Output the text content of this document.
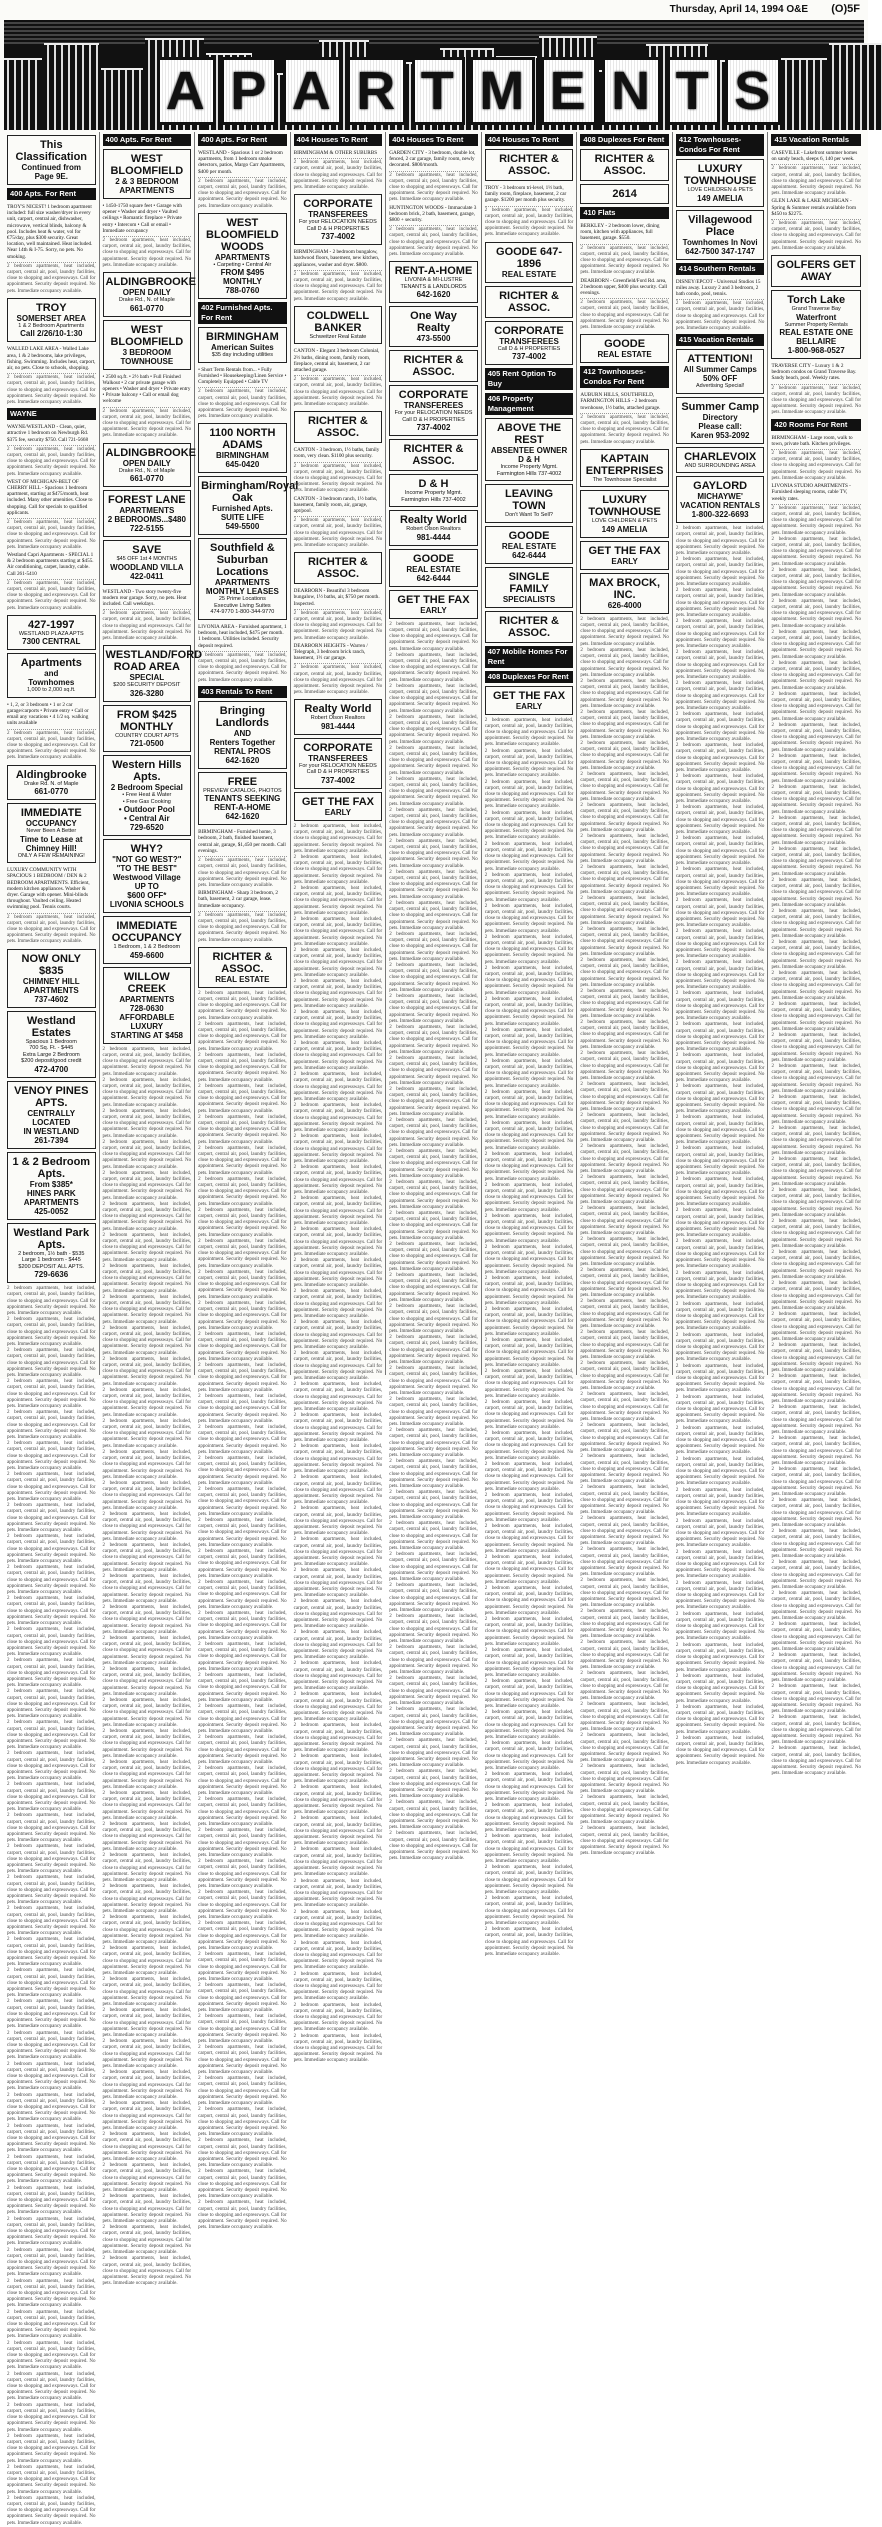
Thursday, April 14, 1994 O&E (O)5F
A P A R T M E N T S
This Classification
Continued from
Page 9E.
400 Apts. For Rent
TROY'S NICEST! 1 bedroom apartment included: full size washer/dryer in every unit, carport, central air, dishwasher, microwave, vertical blinds, balcony & pool. Includes heat & water, vol for €75/day, plus $300 security. Great location, well maintained. Heat included. Near 14th & I-75. Sorry, no pets. No smoking.
2 bedroom apartments, heat included, carport, central air, pool, laundry facilities, close to shopping and expressways. Call for appointment. Security deposit required. No pets. Immediate occupancy available.
TROY
SOMERSET AREA
1 & 2 Bedroom Apartments
Call 2/26/10-1:30
WALLED LAKE AREA - Walled Lake area, 1 & 2 bedrooms, lake privileges, fishing. Swimming. Includes heat, carport, air, no pets. Close to schools, shopping.
2 bedroom apartments, heat included, carport, central air, pool, laundry facilities, close to shopping and expressways. Call for appointment. Security deposit required. No pets. Immediate occupancy available.
WAYNE
WAYNE/WESTLAND - Clean, quiet, attractive 1 bedroom on Newburgh Rd. $375 fee, security $750. Call 721-5668
2 bedroom apartments, heat included, carport, central air, pool, laundry facilities, close to shopping and expressways. Call for appointment. Security deposit required. No pets. Immediate occupancy available.
WEST OF MICHIGAN-BELT OF CHERRY HILL - Spacious 1 bedroom apartment, starting at $475/month, heat included. Many other amenities. Close to shopping. Call for specials to qualified applicants.
2 bedroom apartments, heat included, carport, central air, pool, laundry facilities, close to shopping and expressways. Call for appointment. Security deposit required. No pets. Immediate occupancy available.
Westland Capri Apartments - SPECIAL 1 & 2 bedroom apartments starting at $455. Air conditioning, carpet, laundry, cable. Call 261-5410
2 bedroom apartments, heat included, carport, central air, pool, laundry facilities, close to shopping and expressways. Call for appointment. Security deposit required. No pets. Immediate occupancy available.
427-1997
WESTLAND PLAZA APTS
7300 CENTRAL
Apartments
and
Townhomes
1,000 to 2,000 sq.ft.
• 1, 2, or 3 bedroom • 1 or 2 car garage/carports • Private entry • Call or email any vacations • 4 1/2 sq. walking units available
2 bedroom apartments, heat included, carport, central air, pool, laundry facilities, close to shopping and expressways. Call for appointment. Security deposit required. No pets. Immediate occupancy available.
Aldingbrooke
Drake Rd. N. of Maple
661-0770
IMMEDIATE
OCCUPANCY
Never Been A Better
Time to Lease at
Chimney Hill!
ONLY A FEW REMAINING!
LUXURY COMMUNITY WITH SPACIOUS 1 BEDROOM / DEN & 2 BEDROOM APARTMENTS. Efficient, modern kitchen appliances. Washer & dryer. Garage with opener. Mini-blinds throughout. Vaulted ceiling. Heated swimming pool. Tennis courts.
2 bedroom apartments, heat included, carport, central air, pool, laundry facilities, close to shopping and expressways. Call for appointment. Security deposit required. No pets. Immediate occupancy available.
NOW ONLY $835
CHIMNEY HILL
APARTMENTS
737-4602
Westland Estates
Spacious 1 Bedroom
700 Sq. Ft. - $445
Extra Large 2 Bedroom
$200 deposit/good credit
472-4700
VENOY PINES APTS.
CENTRALLY LOCATED
IN WESTLAND
261-7394
1 & 2 Bedroom Apts.
From $385*
HINES PARK
APARTMENTS
425-0052
Westland Park Apts.
2 bedroom, 1½ bath - $535
Large 1 bedroom - $445
$200 DEPOSIT ALL APTS.
729-6636
2 bedroom apartments, heat included, carport, central air, pool, laundry facilities, close to shopping and expressways. Call for appointment. Security deposit required. No pets. Immediate occupancy available.
2 bedroom apartments, heat included, carport, central air, pool, laundry facilities, close to shopping and expressways. Call for appointment. Security deposit required. No pets. Immediate occupancy available.
2 bedroom apartments, heat included, carport, central air, pool, laundry facilities, close to shopping and expressways. Call for appointment. Security deposit required. No pets. Immediate occupancy available.
2 bedroom apartments, heat included, carport, central air, pool, laundry facilities, close to shopping and expressways. Call for appointment. Security deposit required. No pets. Immediate occupancy available.
2 bedroom apartments, heat included, carport, central air, pool, laundry facilities, close to shopping and expressways. Call for appointment. Security deposit required. No pets. Immediate occupancy available.
2 bedroom apartments, heat included, carport, central air, pool, laundry facilities, close to shopping and expressways. Call for appointment. Security deposit required. No pets. Immediate occupancy available.
2 bedroom apartments, heat included, carport, central air, pool, laundry facilities, close to shopping and expressways. Call for appointment. Security deposit required. No pets. Immediate occupancy available.
2 bedroom apartments, heat included, carport, central air, pool, laundry facilities, close to shopping and expressways. Call for appointment. Security deposit required. No pets. Immediate occupancy available.
2 bedroom apartments, heat included, carport, central air, pool, laundry facilities, close to shopping and expressways. Call for appointment. Security deposit required. No pets. Immediate occupancy available.
2 bedroom apartments, heat included, carport, central air, pool, laundry facilities, close to shopping and expressways. Call for appointment. Security deposit required. No pets. Immediate occupancy available.
2 bedroom apartments, heat included, carport, central air, pool, laundry facilities, close to shopping and expressways. Call for appointment. Security deposit required. No pets. Immediate occupancy available.
2 bedroom apartments, heat included, carport, central air, pool, laundry facilities, close to shopping and expressways. Call for appointment. Security deposit required. No pets. Immediate occupancy available.
2 bedroom apartments, heat included, carport, central air, pool, laundry facilities, close to shopping and expressways. Call for appointment. Security deposit required. No pets. Immediate occupancy available.
2 bedroom apartments, heat included, carport, central air, pool, laundry facilities, close to shopping and expressways. Call for appointment. Security deposit required. No pets. Immediate occupancy available.
2 bedroom apartments, heat included, carport, central air, pool, laundry facilities, close to shopping and expressways. Call for appointment. Security deposit required. No pets. Immediate occupancy available.
2 bedroom apartments, heat included, carport, central air, pool, laundry facilities, close to shopping and expressways. Call for appointment. Security deposit required. No pets. Immediate occupancy available.
2 bedroom apartments, heat included, carport, central air, pool, laundry facilities, close to shopping and expressways. Call for appointment. Security deposit required. No pets. Immediate occupancy available.
2 bedroom apartments, heat included, carport, central air, pool, laundry facilities, close to shopping and expressways. Call for appointment. Security deposit required. No pets. Immediate occupancy available.
2 bedroom apartments, heat included, carport, central air, pool, laundry facilities, close to shopping and expressways. Call for appointment. Security deposit required. No pets. Immediate occupancy available.
2 bedroom apartments, heat included, carport, central air, pool, laundry facilities, close to shopping and expressways. Call for appointment. Security deposit required. No pets. Immediate occupancy available.
2 bedroom apartments, heat included, carport, central air, pool, laundry facilities, close to shopping and expressways. Call for appointment. Security deposit required. No pets. Immediate occupancy available.
2 bedroom apartments, heat included, carport, central air, pool, laundry facilities, close to shopping and expressways. Call for appointment. Security deposit required. No pets. Immediate occupancy available.
2 bedroom apartments, heat included, carport, central air, pool, laundry facilities, close to shopping and expressways. Call for appointment. Security deposit required. No pets. Immediate occupancy available.
2 bedroom apartments, heat included, carport, central air, pool, laundry facilities, close to shopping and expressways. Call for appointment. Security deposit required. No pets. Immediate occupancy available.
2 bedroom apartments, heat included, carport, central air, pool, laundry facilities, close to shopping and expressways. Call for appointment. Security deposit required. No pets. Immediate occupancy available.
2 bedroom apartments, heat included, carport, central air, pool, laundry facilities, close to shopping and expressways. Call for appointment. Security deposit required. No pets. Immediate occupancy available.
2 bedroom apartments, heat included, carport, central air, pool, laundry facilities, close to shopping and expressways. Call for appointment. Security deposit required. No pets. Immediate occupancy available.
2 bedroom apartments, heat included, carport, central air, pool, laundry facilities, close to shopping and expressways. Call for appointment. Security deposit required. No pets. Immediate occupancy available.
2 bedroom apartments, heat included, carport, central air, pool, laundry facilities, close to shopping and expressways. Call for appointment. Security deposit required. No pets. Immediate occupancy available.
2 bedroom apartments, heat included, carport, central air, pool, laundry facilities, close to shopping and expressways. Call for appointment. Security deposit required. No pets. Immediate occupancy available.
2 bedroom apartments, heat included, carport, central air, pool, laundry facilities, close to shopping and expressways. Call for appointment. Security deposit required. No pets. Immediate occupancy available.
2 bedroom apartments, heat included, carport, central air, pool, laundry facilities, close to shopping and expressways. Call for appointment. Security deposit required. No pets. Immediate occupancy available.
2 bedroom apartments, heat included, carport, central air, pool, laundry facilities, close to shopping and expressways. Call for appointment. Security deposit required. No pets. Immediate occupancy available.
2 bedroom apartments, heat included, carport, central air, pool, laundry facilities, close to shopping and expressways. Call for appointment. Security deposit required. No pets. Immediate occupancy available.
2 bedroom apartments, heat included, carport, central air, pool, laundry facilities, close to shopping and expressways. Call for appointment. Security deposit required. No pets. Immediate occupancy available.
2 bedroom apartments, heat included, carport, central air, pool, laundry facilities, close to shopping and expressways. Call for appointment. Security deposit required. No pets. Immediate occupancy available.
2 bedroom apartments, heat included, carport, central air, pool, laundry facilities, close to shopping and expressways. Call for appointment. Security deposit required. No pets. Immediate occupancy available.
2 bedroom apartments, heat included, carport, central air, pool, laundry facilities, close to shopping and expressways. Call for appointment. Security deposit required. No pets. Immediate occupancy available.
2 bedroom apartments, heat included, carport, central air, pool, laundry facilities, close to shopping and expressways. Call for appointment. Security deposit required. No pets. Immediate occupancy available.
2 bedroom apartments, heat included, carport, central air, pool, laundry facilities, close to shopping and expressways. Call for appointment. Security deposit required. No pets. Immediate occupancy available.
400 Apts. For Rent
WEST BLOOMFIELD
2 & 3 BEDROOM
APARTMENTS
• 1450-1750 square feet • Garage with opener • Washer and dryer • Vaulted ceilings • Romantic fireplace • Private entry • Intercom • Call or email • Immediate occupancy
2 bedroom apartments, heat included, carport, central air, pool, laundry facilities, close to shopping and expressways. Call for appointment. Security deposit required. No pets. Immediate occupancy available.
ALDINGBROOKE
OPEN DAILY
Drake Rd., N. of Maple
661-0770
WEST BLOOMFIELD
3 BEDROOM
TOWNHOUSE
• 2500 sq.ft. • 2½ bath • Full Finished Walkout • 2 car private garage with openers • Washer and dryer • Private entry • Private balcony • Call or email dog welcome
2 bedroom apartments, heat included, carport, central air, pool, laundry facilities, close to shopping and expressways. Call for appointment. Security deposit required. No pets. Immediate occupancy available.
ALDINGBROOKE
OPEN DAILY
Drake Rd., N. of Maple
661-0770
FOREST LANE
APARTMENTS
2 BEDROOMS...$480
722-5155
SAVE
$45 OFF 1st 4 MONTHS
WOODLAND VILLA
422-0411
WESTLAND - Two story twenty-five modern rear garage. Sorry, no pets. Heat included. Call weekdays.
2 bedroom apartments, heat included, carport, central air, pool, laundry facilities, close to shopping and expressways. Call for appointment. Security deposit required. No pets. Immediate occupancy available.
WESTLAND/FORD ROAD AREA
SPECIAL
$200 SECURITY DEPOSIT
326-3280
FROM $425 MONTHLY
COUNTRY COURT APTS
721-0500
Western Hills Apts.
2 Bedroom Special
• Free Heat & Water
• Free Gas Cooking
• Outdoor Pool
• Central Air
729-6520
WHY?
"NOT GO WEST?"
"TO THE BEST"
Westwood Village
UP TO
$600 OFF*
LIVONIA SCHOOLS
IMMEDIATE OCCUPANCY
1 Bedroom, 1 & 2 Bedroom
459-6600
WILLOW CREEK
APARTMENTS
728-0630
AFFORDABLE LUXURY
STARTING AT $458
2 bedroom apartments, heat included, carport, central air, pool, laundry facilities, close to shopping and expressways. Call for appointment. Security deposit required. No pets. Immediate occupancy available.
2 bedroom apartments, heat included, carport, central air, pool, laundry facilities, close to shopping and expressways. Call for appointment. Security deposit required. No pets. Immediate occupancy available.
2 bedroom apartments, heat included, carport, central air, pool, laundry facilities, close to shopping and expressways. Call for appointment. Security deposit required. No pets. Immediate occupancy available.
2 bedroom apartments, heat included, carport, central air, pool, laundry facilities, close to shopping and expressways. Call for appointment. Security deposit required. No pets. Immediate occupancy available.
2 bedroom apartments, heat included, carport, central air, pool, laundry facilities, close to shopping and expressways. Call for appointment. Security deposit required. No pets. Immediate occupancy available.
2 bedroom apartments, heat included, carport, central air, pool, laundry facilities, close to shopping and expressways. Call for appointment. Security deposit required. No pets. Immediate occupancy available.
2 bedroom apartments, heat included, carport, central air, pool, laundry facilities, close to shopping and expressways. Call for appointment. Security deposit required. No pets. Immediate occupancy available.
2 bedroom apartments, heat included, carport, central air, pool, laundry facilities, close to shopping and expressways. Call for appointment. Security deposit required. No pets. Immediate occupancy available.
2 bedroom apartments, heat included, carport, central air, pool, laundry facilities, close to shopping and expressways. Call for appointment. Security deposit required. No pets. Immediate occupancy available.
2 bedroom apartments, heat included, carport, central air, pool, laundry facilities, close to shopping and expressways. Call for appointment. Security deposit required. No pets. Immediate occupancy available.
2 bedroom apartments, heat included, carport, central air, pool, laundry facilities, close to shopping and expressways. Call for appointment. Security deposit required. No pets. Immediate occupancy available.
2 bedroom apartments, heat included, carport, central air, pool, laundry facilities, close to shopping and expressways. Call for appointment. Security deposit required. No pets. Immediate occupancy available.
2 bedroom apartments, heat included, carport, central air, pool, laundry facilities, close to shopping and expressways. Call for appointment. Security deposit required. No pets. Immediate occupancy available.
2 bedroom apartments, heat included, carport, central air, pool, laundry facilities, close to shopping and expressways. Call for appointment. Security deposit required. No pets. Immediate occupancy available.
2 bedroom apartments, heat included, carport, central air, pool, laundry facilities, close to shopping and expressways. Call for appointment. Security deposit required. No pets. Immediate occupancy available.
2 bedroom apartments, heat included, carport, central air, pool, laundry facilities, close to shopping and expressways. Call for appointment. Security deposit required. No pets. Immediate occupancy available.
2 bedroom apartments, heat included, carport, central air, pool, laundry facilities, close to shopping and expressways. Call for appointment. Security deposit required. No pets. Immediate occupancy available.
2 bedroom apartments, heat included, carport, central air, pool, laundry facilities, close to shopping and expressways. Call for appointment. Security deposit required. No pets. Immediate occupancy available.
2 bedroom apartments, heat included, carport, central air, pool, laundry facilities, close to shopping and expressways. Call for appointment. Security deposit required. No pets. Immediate occupancy available.
2 bedroom apartments, heat included, carport, central air, pool, laundry facilities, close to shopping and expressways. Call for appointment. Security deposit required. No pets. Immediate occupancy available.
2 bedroom apartments, heat included, carport, central air, pool, laundry facilities, close to shopping and expressways. Call for appointment. Security deposit required. No pets. Immediate occupancy available.
2 bedroom apartments, heat included, carport, central air, pool, laundry facilities, close to shopping and expressways. Call for appointment. Security deposit required. No pets. Immediate occupancy available.
2 bedroom apartments, heat included, carport, central air, pool, laundry facilities, close to shopping and expressways. Call for appointment. Security deposit required. No pets. Immediate occupancy available.
2 bedroom apartments, heat included, carport, central air, pool, laundry facilities, close to shopping and expressways. Call for appointment. Security deposit required. No pets. Immediate occupancy available.
2 bedroom apartments, heat included, carport, central air, pool, laundry facilities, close to shopping and expressways. Call for appointment. Security deposit required. No pets. Immediate occupancy available.
2 bedroom apartments, heat included, carport, central air, pool, laundry facilities, close to shopping and expressways. Call for appointment. Security deposit required. No pets. Immediate occupancy available.
2 bedroom apartments, heat included, carport, central air, pool, laundry facilities, close to shopping and expressways. Call for appointment. Security deposit required. No pets. Immediate occupancy available.
2 bedroom apartments, heat included, carport, central air, pool, laundry facilities, close to shopping and expressways. Call for appointment. Security deposit required. No pets. Immediate occupancy available.
2 bedroom apartments, heat included, carport, central air, pool, laundry facilities, close to shopping and expressways. Call for appointment. Security deposit required. No pets. Immediate occupancy available.
2 bedroom apartments, heat included, carport, central air, pool, laundry facilities, close to shopping and expressways. Call for appointment. Security deposit required. No pets. Immediate occupancy available.
2 bedroom apartments, heat included, carport, central air, pool, laundry facilities, close to shopping and expressways. Call for appointment. Security deposit required. No pets. Immediate occupancy available.
2 bedroom apartments, heat included, carport, central air, pool, laundry facilities, close to shopping and expressways. Call for appointment. Security deposit required. No pets. Immediate occupancy available.
2 bedroom apartments, heat included, carport, central air, pool, laundry facilities, close to shopping and expressways. Call for appointment. Security deposit required. No pets. Immediate occupancy available.
2 bedroom apartments, heat included, carport, central air, pool, laundry facilities, close to shopping and expressways. Call for appointment. Security deposit required. No pets. Immediate occupancy available.
2 bedroom apartments, heat included, carport, central air, pool, laundry facilities, close to shopping and expressways. Call for appointment. Security deposit required. No pets. Immediate occupancy available.
2 bedroom apartments, heat included, carport, central air, pool, laundry facilities, close to shopping and expressways. Call for appointment. Security deposit required. No pets. Immediate occupancy available.
2 bedroom apartments, heat included, carport, central air, pool, laundry facilities, close to shopping and expressways. Call for appointment. Security deposit required. No pets. Immediate occupancy available.
2 bedroom apartments, heat included, carport, central air, pool, laundry facilities, close to shopping and expressways. Call for appointment. Security deposit required. No pets. Immediate occupancy available.
2 bedroom apartments, heat included, carport, central air, pool, laundry facilities, close to shopping and expressways. Call for appointment. Security deposit required. No pets. Immediate occupancy available.
2 bedroom apartments, heat included, carport, central air, pool, laundry facilities, close to shopping and expressways. Call for appointment. Security deposit required. No pets. Immediate occupancy available.
400 Apts. For Rent
WESTLAND - Spacious 1 or 2 bedroom apartments, from 1 bedroom smoke detectors, patios, Margo Carr Apartments, $400 per month.
2 bedroom apartments, heat included, carport, central air, pool, laundry facilities, close to shopping and expressways. Call for appointment. Security deposit required. No pets. Immediate occupancy available.
WEST BLOOMFIELD WOODS
APARTMENTS
• Carpeting • Central Air
FROM $495 MONTHLY
788-0760
402 Furnished Apts. For Rent
BIRMINGHAM
American Suites
$35 day including utilities
• Short Term Rentals from... • Fully Furnished • Housekeeping/Linen Service • Completely Equipped • Cable TV
2 bedroom apartments, heat included, carport, central air, pool, laundry facilities, close to shopping and expressways. Call for appointment. Security deposit required. No pets. Immediate occupancy available.
1100 NORTH ADAMS
BIRMINGHAM
645-0420
Birmingham/Royal Oak
Furnished Apts.
SUITE LIFE
549-5500
Southfield & Suburban Locations
APARTMENTS
MONTHLY LEASES
25 Prime Locations
Executive Living Suites
474-9770 1-800-344-9770
LIVONIA AREA - Furnished apartment, 1 bedroom, heat included, $475 per month. 1 bedroom. Utilities included. Security deposit required.
2 bedroom apartments, heat included, carport, central air, pool, laundry facilities, close to shopping and expressways. Call for appointment. Security deposit required. No pets. Immediate occupancy available.
403 Rentals To Rent
Bringing Landlords
AND
Renters Together
RENTAL PROS
642-1620
FREE
PREVIEW CATALOG, PHOTOS
TENANTS SEEKING
RENT-A-HOME
642-1620
BIRMINGHAM - Furnished home, 3 bedroom, 2 bath, finished basement, central air, garage, $1,450 per month. Call evenings.
2 bedroom apartments, heat included, carport, central air, pool, laundry facilities, close to shopping and expressways. Call for appointment. Security deposit required. No pets. Immediate occupancy available.
BIRMINGHAM - Sharp 3 bedroom, 2 bath, basement, 2 car garage, lease. Immediate occupancy.
2 bedroom apartments, heat included, carport, central air, pool, laundry facilities, close to shopping and expressways. Call for appointment. Security deposit required. No pets. Immediate occupancy available.
RICHTER & ASSOC.
REAL ESTATE
2 bedroom apartments, heat included, carport, central air, pool, laundry facilities, close to shopping and expressways. Call for appointment. Security deposit required. No pets. Immediate occupancy available.
2 bedroom apartments, heat included, carport, central air, pool, laundry facilities, close to shopping and expressways. Call for appointment. Security deposit required. No pets. Immediate occupancy available.
2 bedroom apartments, heat included, carport, central air, pool, laundry facilities, close to shopping and expressways. Call for appointment. Security deposit required. No pets. Immediate occupancy available.
2 bedroom apartments, heat included, carport, central air, pool, laundry facilities, close to shopping and expressways. Call for appointment. Security deposit required. No pets. Immediate occupancy available.
2 bedroom apartments, heat included, carport, central air, pool, laundry facilities, close to shopping and expressways. Call for appointment. Security deposit required. No pets. Immediate occupancy available.
2 bedroom apartments, heat included, carport, central air, pool, laundry facilities, close to shopping and expressways. Call for appointment. Security deposit required. No pets. Immediate occupancy available.
2 bedroom apartments, heat included, carport, central air, pool, laundry facilities, close to shopping and expressways. Call for appointment. Security deposit required. No pets. Immediate occupancy available.
2 bedroom apartments, heat included, carport, central air, pool, laundry facilities, close to shopping and expressways. Call for appointment. Security deposit required. No pets. Immediate occupancy available.
2 bedroom apartments, heat included, carport, central air, pool, laundry facilities, close to shopping and expressways. Call for appointment. Security deposit required. No pets. Immediate occupancy available.
2 bedroom apartments, heat included, carport, central air, pool, laundry facilities, close to shopping and expressways. Call for appointment. Security deposit required. No pets. Immediate occupancy available.
2 bedroom apartments, heat included, carport, central air, pool, laundry facilities, close to shopping and expressways. Call for appointment. Security deposit required. No pets. Immediate occupancy available.
2 bedroom apartments, heat included, carport, central air, pool, laundry facilities, close to shopping and expressways. Call for appointment. Security deposit required. No pets. Immediate occupancy available.
2 bedroom apartments, heat included, carport, central air, pool, laundry facilities, close to shopping and expressways. Call for appointment. Security deposit required. No pets. Immediate occupancy available.
2 bedroom apartments, heat included, carport, central air, pool, laundry facilities, close to shopping and expressways. Call for appointment. Security deposit required. No pets. Immediate occupancy available.
2 bedroom apartments, heat included, carport, central air, pool, laundry facilities, close to shopping and expressways. Call for appointment. Security deposit required. No pets. Immediate occupancy available.
2 bedroom apartments, heat included, carport, central air, pool, laundry facilities, close to shopping and expressways. Call for appointment. Security deposit required. No pets. Immediate occupancy available.
2 bedroom apartments, heat included, carport, central air, pool, laundry facilities, close to shopping and expressways. Call for appointment. Security deposit required. No pets. Immediate occupancy available.
2 bedroom apartments, heat included, carport, central air, pool, laundry facilities, close to shopping and expressways. Call for appointment. Security deposit required. No pets. Immediate occupancy available.
2 bedroom apartments, heat included, carport, central air, pool, laundry facilities, close to shopping and expressways. Call for appointment. Security deposit required. No pets. Immediate occupancy available.
2 bedroom apartments, heat included, carport, central air, pool, laundry facilities, close to shopping and expressways. Call for appointment. Security deposit required. No pets. Immediate occupancy available.
2 bedroom apartments, heat included, carport, central air, pool, laundry facilities, close to shopping and expressways. Call for appointment. Security deposit required. No pets. Immediate occupancy available.
2 bedroom apartments, heat included, carport, central air, pool, laundry facilities, close to shopping and expressways. Call for appointment. Security deposit required. No pets. Immediate occupancy available.
2 bedroom apartments, heat included, carport, central air, pool, laundry facilities, close to shopping and expressways. Call for appointment. Security deposit required. No pets. Immediate occupancy available.
2 bedroom apartments, heat included, carport, central air, pool, laundry facilities, close to shopping and expressways. Call for appointment. Security deposit required. No pets. Immediate occupancy available.
2 bedroom apartments, heat included, carport, central air, pool, laundry facilities, close to shopping and expressways. Call for appointment. Security deposit required. No pets. Immediate occupancy available.
2 bedroom apartments, heat included, carport, central air, pool, laundry facilities, close to shopping and expressways. Call for appointment. Security deposit required. No pets. Immediate occupancy available.
2 bedroom apartments, heat included, carport, central air, pool, laundry facilities, close to shopping and expressways. Call for appointment. Security deposit required. No pets. Immediate occupancy available.
2 bedroom apartments, heat included, carport, central air, pool, laundry facilities, close to shopping and expressways. Call for appointment. Security deposit required. No pets. Immediate occupancy available.
2 bedroom apartments, heat included, carport, central air, pool, laundry facilities, close to shopping and expressways. Call for appointment. Security deposit required. No pets. Immediate occupancy available.
2 bedroom apartments, heat included, carport, central air, pool, laundry facilities, close to shopping and expressways. Call for appointment. Security deposit required. No pets. Immediate occupancy available.
2 bedroom apartments, heat included, carport, central air, pool, laundry facilities, close to shopping and expressways. Call for appointment. Security deposit required. No pets. Immediate occupancy available.
2 bedroom apartments, heat included, carport, central air, pool, laundry facilities, close to shopping and expressways. Call for appointment. Security deposit required. No pets. Immediate occupancy available.
2 bedroom apartments, heat included, carport, central air, pool, laundry facilities, close to shopping and expressways. Call for appointment. Security deposit required. No pets. Immediate occupancy available.
2 bedroom apartments, heat included, carport, central air, pool, laundry facilities, close to shopping and expressways. Call for appointment. Security deposit required. No pets. Immediate occupancy available.
2 bedroom apartments, heat included, carport, central air, pool, laundry facilities, close to shopping and expressways. Call for appointment. Security deposit required. No pets. Immediate occupancy available.
2 bedroom apartments, heat included, carport, central air, pool, laundry facilities, close to shopping and expressways. Call for appointment. Security deposit required. No pets. Immediate occupancy available.
2 bedroom apartments, heat included, carport, central air, pool, laundry facilities, close to shopping and expressways. Call for appointment. Security deposit required. No pets. Immediate occupancy available.
2 bedroom apartments, heat included, carport, central air, pool, laundry facilities, close to shopping and expressways. Call for appointment. Security deposit required. No pets. Immediate occupancy available.
2 bedroom apartments, heat included, carport, central air, pool, laundry facilities, close to shopping and expressways. Call for appointment. Security deposit required. No pets. Immediate occupancy available.
2 bedroom apartments, heat included, carport, central air, pool, laundry facilities, close to shopping and expressways. Call for appointment. Security deposit required. No pets. Immediate occupancy available.
404 Houses To Rent
BIRMINGHAM & OTHER SUBURBS
2 bedroom apartments, heat included, carport, central air, pool, laundry facilities, close to shopping and expressways. Call for appointment. Security deposit required. No pets. Immediate occupancy available.
CORPORATE
TRANSFEREES
For your RELOCATION NEEDS
Call D & H PROPERTIES
737-4002
BIRMINGHAM - 2 bedroom bungalow, hardwood floors, basement, new kitchen, appliances, washer and dryer. $800.
2 bedroom apartments, heat included, carport, central air, pool, laundry facilities, close to shopping and expressways. Call for appointment. Security deposit required. No pets. Immediate occupancy available.
COLDWELL BANKER
Schweitzer Real Estate
CANTON - Elegant 3 bedroom Colonial, 2½ baths, dining room, family room, fireplace, central air, basement, 2 car attached garage.
2 bedroom apartments, heat included, carport, central air, pool, laundry facilities, close to shopping and expressways. Call for appointment. Security deposit required. No pets. Immediate occupancy available.
RICHTER & ASSOC.
CANTON - 3 bedroom, 1½ baths, family room, very clean. $1100 plus security.
2 bedroom apartments, heat included, carport, central air, pool, laundry facilities, close to shopping and expressways. Call for appointment. Security deposit required. No pets. Immediate occupancy available.
CANTON - 3 bedroom ranch, 1½ baths, basement, family room, air, garage, apt/pool.
2 bedroom apartments, heat included, carport, central air, pool, laundry facilities, close to shopping and expressways. Call for appointment. Security deposit required. No pets. Immediate occupancy available.
RICHTER & ASSOC.
DEARBORN - Beautiful 3 bedroom bungalow, 1½ baths, air, $750 per month. Inspected.
2 bedroom apartments, heat included, carport, central air, pool, laundry facilities, close to shopping and expressways. Call for appointment. Security deposit required. No pets. Immediate occupancy available.
DEARBORN HEIGHTS - Warren / Telegraph, 3 bedroom brick ranch, basement, 1½ car garage.
2 bedroom apartments, heat included, carport, central air, pool, laundry facilities, close to shopping and expressways. Call for appointment. Security deposit required. No pets. Immediate occupancy available.
Realty World
Robert Olson Realtors
981-4444
CORPORATE
TRANSFEREES
For your RELOCATION NEEDS
Call D & H PROPERTIES
737-4002
GET THE FAX
EARLY
2 bedroom apartments, heat included, carport, central air, pool, laundry facilities, close to shopping and expressways. Call for appointment. Security deposit required. No pets. Immediate occupancy available.
2 bedroom apartments, heat included, carport, central air, pool, laundry facilities, close to shopping and expressways. Call for appointment. Security deposit required. No pets. Immediate occupancy available.
2 bedroom apartments, heat included, carport, central air, pool, laundry facilities, close to shopping and expressways. Call for appointment. Security deposit required. No pets. Immediate occupancy available.
2 bedroom apartments, heat included, carport, central air, pool, laundry facilities, close to shopping and expressways. Call for appointment. Security deposit required. No pets. Immediate occupancy available.
2 bedroom apartments, heat included, carport, central air, pool, laundry facilities, close to shopping and expressways. Call for appointment. Security deposit required. No pets. Immediate occupancy available.
2 bedroom apartments, heat included, carport, central air, pool, laundry facilities, close to shopping and expressways. Call for appointment. Security deposit required. No pets. Immediate occupancy available.
2 bedroom apartments, heat included, carport, central air, pool, laundry facilities, close to shopping and expressways. Call for appointment. Security deposit required. No pets. Immediate occupancy available.
2 bedroom apartments, heat included, carport, central air, pool, laundry facilities, close to shopping and expressways. Call for appointment. Security deposit required. No pets. Immediate occupancy available.
2 bedroom apartments, heat included, carport, central air, pool, laundry facilities, close to shopping and expressways. Call for appointment. Security deposit required. No pets. Immediate occupancy available.
2 bedroom apartments, heat included, carport, central air, pool, laundry facilities, close to shopping and expressways. Call for appointment. Security deposit required. No pets. Immediate occupancy available.
2 bedroom apartments, heat included, carport, central air, pool, laundry facilities, close to shopping and expressways. Call for appointment. Security deposit required. No pets. Immediate occupancy available.
2 bedroom apartments, heat included, carport, central air, pool, laundry facilities, close to shopping and expressways. Call for appointment. Security deposit required. No pets. Immediate occupancy available.
2 bedroom apartments, heat included, carport, central air, pool, laundry facilities, close to shopping and expressways. Call for appointment. Security deposit required. No pets. Immediate occupancy available.
2 bedroom apartments, heat included, carport, central air, pool, laundry facilities, close to shopping and expressways. Call for appointment. Security deposit required. No pets. Immediate occupancy available.
2 bedroom apartments, heat included, carport, central air, pool, laundry facilities, close to shopping and expressways. Call for appointment. Security deposit required. No pets. Immediate occupancy available.
2 bedroom apartments, heat included, carport, central air, pool, laundry facilities, close to shopping and expressways. Call for appointment. Security deposit required. No pets. Immediate occupancy available.
2 bedroom apartments, heat included, carport, central air, pool, laundry facilities, close to shopping and expressways. Call for appointment. Security deposit required. No pets. Immediate occupancy available.
2 bedroom apartments, heat included, carport, central air, pool, laundry facilities, close to shopping and expressways. Call for appointment. Security deposit required. No pets. Immediate occupancy available.
2 bedroom apartments, heat included, carport, central air, pool, laundry facilities, close to shopping and expressways. Call for appointment. Security deposit required. No pets. Immediate occupancy available.
2 bedroom apartments, heat included, carport, central air, pool, laundry facilities, close to shopping and expressways. Call for appointment. Security deposit required. No pets. Immediate occupancy available.
2 bedroom apartments, heat included, carport, central air, pool, laundry facilities, close to shopping and expressways. Call for appointment. Security deposit required. No pets. Immediate occupancy available.
2 bedroom apartments, heat included, carport, central air, pool, laundry facilities, close to shopping and expressways. Call for appointment. Security deposit required. No pets. Immediate occupancy available.
2 bedroom apartments, heat included, carport, central air, pool, laundry facilities, close to shopping and expressways. Call for appointment. Security deposit required. No pets. Immediate occupancy available.
2 bedroom apartments, heat included, carport, central air, pool, laundry facilities, close to shopping and expressways. Call for appointment. Security deposit required. No pets. Immediate occupancy available.
2 bedroom apartments, heat included, carport, central air, pool, laundry facilities, close to shopping and expressways. Call for appointment. Security deposit required. No pets. Immediate occupancy available.
2 bedroom apartments, heat included, carport, central air, pool, laundry facilities, close to shopping and expressways. Call for appointment. Security deposit required. No pets. Immediate occupancy available.
2 bedroom apartments, heat included, carport, central air, pool, laundry facilities, close to shopping and expressways. Call for appointment. Security deposit required. No pets. Immediate occupancy available.
2 bedroom apartments, heat included, carport, central air, pool, laundry facilities, close to shopping and expressways. Call for appointment. Security deposit required. No pets. Immediate occupancy available.
2 bedroom apartments, heat included, carport, central air, pool, laundry facilities, close to shopping and expressways. Call for appointment. Security deposit required. No pets. Immediate occupancy available.
2 bedroom apartments, heat included, carport, central air, pool, laundry facilities, close to shopping and expressways. Call for appointment. Security deposit required. No pets. Immediate occupancy available.
2 bedroom apartments, heat included, carport, central air, pool, laundry facilities, close to shopping and expressways. Call for appointment. Security deposit required. No pets. Immediate occupancy available.
2 bedroom apartments, heat included, carport, central air, pool, laundry facilities, close to shopping and expressways. Call for appointment. Security deposit required. No pets. Immediate occupancy available.
2 bedroom apartments, heat included, carport, central air, pool, laundry facilities, close to shopping and expressways. Call for appointment. Security deposit required. No pets. Immediate occupancy available.
2 bedroom apartments, heat included, carport, central air, pool, laundry facilities, close to shopping and expressways. Call for appointment. Security deposit required. No pets. Immediate occupancy available.
2 bedroom apartments, heat included, carport, central air, pool, laundry facilities, close to shopping and expressways. Call for appointment. Security deposit required. No pets. Immediate occupancy available.
2 bedroom apartments, heat included, carport, central air, pool, laundry facilities, close to shopping and expressways. Call for appointment. Security deposit required. No pets. Immediate occupancy available.
2 bedroom apartments, heat included, carport, central air, pool, laundry facilities, close to shopping and expressways. Call for appointment. Security deposit required. No pets. Immediate occupancy available.
2 bedroom apartments, heat included, carport, central air, pool, laundry facilities, close to shopping and expressways. Call for appointment. Security deposit required. No pets. Immediate occupancy available.
2 bedroom apartments, heat included, carport, central air, pool, laundry facilities, close to shopping and expressways. Call for appointment. Security deposit required. No pets. Immediate occupancy available.
2 bedroom apartments, heat included, carport, central air, pool, laundry facilities, close to shopping and expressways. Call for appointment. Security deposit required. No pets. Immediate occupancy available.
404 Houses To Rent
GARDEN CITY - 3 bedroom, double lot, fenced, 2 car garage, family room, newly decorated. $800/month.
2 bedroom apartments, heat included, carport, central air, pool, laundry facilities, close to shopping and expressways. Call for appointment. Security deposit required. No pets. Immediate occupancy available.
HUNTINGTON WOODS - Immaculate 3 bedroom brick, 2 bath, basement, garage, $800 + security.
2 bedroom apartments, heat included, carport, central air, pool, laundry facilities, close to shopping and expressways. Call for appointment. Security deposit required. No pets. Immediate occupancy available.
RENT-A-HOME
LIVONIA & MI-LUSTRE
TENANTS & LANDLORDS
642-1620
One Way Realty
473-5500
RICHTER & ASSOC.
CORPORATE
TRANSFEREES
For your RELOCATION NEEDS
Call D & H PROPERTIES
737-4002
RICHTER & ASSOC.
D & H
Income Property Mgmt.
Farmington Hills 737-4002
Realty World
Robert Olson Realtors
981-4444
GOODE
REAL ESTATE
642-6444
GET THE FAX
EARLY
2 bedroom apartments, heat included, carport, central air, pool, laundry facilities, close to shopping and expressways. Call for appointment. Security deposit required. No pets. Immediate occupancy available.
2 bedroom apartments, heat included, carport, central air, pool, laundry facilities, close to shopping and expressways. Call for appointment. Security deposit required. No pets. Immediate occupancy available.
2 bedroom apartments, heat included, carport, central air, pool, laundry facilities, close to shopping and expressways. Call for appointment. Security deposit required. No pets. Immediate occupancy available.
2 bedroom apartments, heat included, carport, central air, pool, laundry facilities, close to shopping and expressways. Call for appointment. Security deposit required. No pets. Immediate occupancy available.
2 bedroom apartments, heat included, carport, central air, pool, laundry facilities, close to shopping and expressways. Call for appointment. Security deposit required. No pets. Immediate occupancy available.
2 bedroom apartments, heat included, carport, central air, pool, laundry facilities, close to shopping and expressways. Call for appointment. Security deposit required. No pets. Immediate occupancy available.
2 bedroom apartments, heat included, carport, central air, pool, laundry facilities, close to shopping and expressways. Call for appointment. Security deposit required. No pets. Immediate occupancy available.
2 bedroom apartments, heat included, carport, central air, pool, laundry facilities, close to shopping and expressways. Call for appointment. Security deposit required. No pets. Immediate occupancy available.
2 bedroom apartments, heat included, carport, central air, pool, laundry facilities, close to shopping and expressways. Call for appointment. Security deposit required. No pets. Immediate occupancy available.
2 bedroom apartments, heat included, carport, central air, pool, laundry facilities, close to shopping and expressways. Call for appointment. Security deposit required. No pets. Immediate occupancy available.
2 bedroom apartments, heat included, carport, central air, pool, laundry facilities, close to shopping and expressways. Call for appointment. Security deposit required. No pets. Immediate occupancy available.
2 bedroom apartments, heat included, carport, central air, pool, laundry facilities, close to shopping and expressways. Call for appointment. Security deposit required. No pets. Immediate occupancy available.
2 bedroom apartments, heat included, carport, central air, pool, laundry facilities, close to shopping and expressways. Call for appointment. Security deposit required. No pets. Immediate occupancy available.
2 bedroom apartments, heat included, carport, central air, pool, laundry facilities, close to shopping and expressways. Call for appointment. Security deposit required. No pets. Immediate occupancy available.
2 bedroom apartments, heat included, carport, central air, pool, laundry facilities, close to shopping and expressways. Call for appointment. Security deposit required. No pets. Immediate occupancy available.
2 bedroom apartments, heat included, carport, central air, pool, laundry facilities, close to shopping and expressways. Call for appointment. Security deposit required. No pets. Immediate occupancy available.
2 bedroom apartments, heat included, carport, central air, pool, laundry facilities, close to shopping and expressways. Call for appointment. Security deposit required. No pets. Immediate occupancy available.
2 bedroom apartments, heat included, carport, central air, pool, laundry facilities, close to shopping and expressways. Call for appointment. Security deposit required. No pets. Immediate occupancy available.
2 bedroom apartments, heat included, carport, central air, pool, laundry facilities, close to shopping and expressways. Call for appointment. Security deposit required. No pets. Immediate occupancy available.
2 bedroom apartments, heat included, carport, central air, pool, laundry facilities, close to shopping and expressways. Call for appointment. Security deposit required. No pets. Immediate occupancy available.
2 bedroom apartments, heat included, carport, central air, pool, laundry facilities, close to shopping and expressways. Call for appointment. Security deposit required. No pets. Immediate occupancy available.
2 bedroom apartments, heat included, carport, central air, pool, laundry facilities, close to shopping and expressways. Call for appointment. Security deposit required. No pets. Immediate occupancy available.
2 bedroom apartments, heat included, carport, central air, pool, laundry facilities, close to shopping and expressways. Call for appointment. Security deposit required. No pets. Immediate occupancy available.
2 bedroom apartments, heat included, carport, central air, pool, laundry facilities, close to shopping and expressways. Call for appointment. Security deposit required. No pets. Immediate occupancy available.
2 bedroom apartments, heat included, carport, central air, pool, laundry facilities, close to shopping and expressways. Call for appointment. Security deposit required. No pets. Immediate occupancy available.
2 bedroom apartments, heat included, carport, central air, pool, laundry facilities, close to shopping and expressways. Call for appointment. Security deposit required. No pets. Immediate occupancy available.
2 bedroom apartments, heat included, carport, central air, pool, laundry facilities, close to shopping and expressways. Call for appointment. Security deposit required. No pets. Immediate occupancy available.
2 bedroom apartments, heat included, carport, central air, pool, laundry facilities, close to shopping and expressways. Call for appointment. Security deposit required. No pets. Immediate occupancy available.
2 bedroom apartments, heat included, carport, central air, pool, laundry facilities, close to shopping and expressways. Call for appointment. Security deposit required. No pets. Immediate occupancy available.
2 bedroom apartments, heat included, carport, central air, pool, laundry facilities, close to shopping and expressways. Call for appointment. Security deposit required. No pets. Immediate occupancy available.
2 bedroom apartments, heat included, carport, central air, pool, laundry facilities, close to shopping and expressways. Call for appointment. Security deposit required. No pets. Immediate occupancy available.
2 bedroom apartments, heat included, carport, central air, pool, laundry facilities, close to shopping and expressways. Call for appointment. Security deposit required. No pets. Immediate occupancy available.
2 bedroom apartments, heat included, carport, central air, pool, laundry facilities, close to shopping and expressways. Call for appointment. Security deposit required. No pets. Immediate occupancy available.
2 bedroom apartments, heat included, carport, central air, pool, laundry facilities, close to shopping and expressways. Call for appointment. Security deposit required. No pets. Immediate occupancy available.
2 bedroom apartments, heat included, carport, central air, pool, laundry facilities, close to shopping and expressways. Call for appointment. Security deposit required. No pets. Immediate occupancy available.
2 bedroom apartments, heat included, carport, central air, pool, laundry facilities, close to shopping and expressways. Call for appointment. Security deposit required. No pets. Immediate occupancy available.
2 bedroom apartments, heat included, carport, central air, pool, laundry facilities, close to shopping and expressways. Call for appointment. Security deposit required. No pets. Immediate occupancy available.
2 bedroom apartments, heat included, carport, central air, pool, laundry facilities, close to shopping and expressways. Call for appointment. Security deposit required. No pets. Immediate occupancy available.
2 bedroom apartments, heat included, carport, central air, pool, laundry facilities, close to shopping and expressways. Call for appointment. Security deposit required. No pets. Immediate occupancy available.
2 bedroom apartments, heat included, carport, central air, pool, laundry facilities, close to shopping and expressways. Call for appointment. Security deposit required. No pets. Immediate occupancy available.
404 Houses To Rent
RICHTER & ASSOC.
TROY - 3 bedroom tri-level, 1½ bath, family room, fireplace, basement, 2 car garage. $1200 per month plus security.
2 bedroom apartments, heat included, carport, central air, pool, laundry facilities, close to shopping and expressways. Call for appointment. Security deposit required. No pets. Immediate occupancy available.
GOODE 647-1896
REAL ESTATE
RICHTER & ASSOC.
CORPORATE
TRANSFEREES
Call D & H PROPERTIES
737-4002
405 Rent Option To Buy
406 Property Management
ABOVE THE REST
ABSENTEE OWNER
D & H
Income Property Mgmt.
Farmington Hills 737-4002
LEAVING TOWN
Don't Want To Sell?
GOODE
REAL ESTATE
642-6444
SINGLE FAMILY
SPECIALISTS
RICHTER & ASSOC.
407 Mobile Homes For Rent
408 Duplexes For Rent
GET THE FAX
EARLY
2 bedroom apartments, heat included, carport, central air, pool, laundry facilities, close to shopping and expressways. Call for appointment. Security deposit required. No pets. Immediate occupancy available.
2 bedroom apartments, heat included, carport, central air, pool, laundry facilities, close to shopping and expressways. Call for appointment. Security deposit required. No pets. Immediate occupancy available.
2 bedroom apartments, heat included, carport, central air, pool, laundry facilities, close to shopping and expressways. Call for appointment. Security deposit required. No pets. Immediate occupancy available.
2 bedroom apartments, heat included, carport, central air, pool, laundry facilities, close to shopping and expressways. Call for appointment. Security deposit required. No pets. Immediate occupancy available.
2 bedroom apartments, heat included, carport, central air, pool, laundry facilities, close to shopping and expressways. Call for appointment. Security deposit required. No pets. Immediate occupancy available.
2 bedroom apartments, heat included, carport, central air, pool, laundry facilities, close to shopping and expressways. Call for appointment. Security deposit required. No pets. Immediate occupancy available.
2 bedroom apartments, heat included, carport, central air, pool, laundry facilities, close to shopping and expressways. Call for appointment. Security deposit required. No pets. Immediate occupancy available.
2 bedroom apartments, heat included, carport, central air, pool, laundry facilities, close to shopping and expressways. Call for appointment. Security deposit required. No pets. Immediate occupancy available.
2 bedroom apartments, heat included, carport, central air, pool, laundry facilities, close to shopping and expressways. Call for appointment. Security deposit required. No pets. Immediate occupancy available.
2 bedroom apartments, heat included, carport, central air, pool, laundry facilities, close to shopping and expressways. Call for appointment. Security deposit required. No pets. Immediate occupancy available.
2 bedroom apartments, heat included, carport, central air, pool, laundry facilities, close to shopping and expressways. Call for appointment. Security deposit required. No pets. Immediate occupancy available.
2 bedroom apartments, heat included, carport, central air, pool, laundry facilities, close to shopping and expressways. Call for appointment. Security deposit required. No pets. Immediate occupancy available.
2 bedroom apartments, heat included, carport, central air, pool, laundry facilities, close to shopping and expressways. Call for appointment. Security deposit required. No pets. Immediate occupancy available.
2 bedroom apartments, heat included, carport, central air, pool, laundry facilities, close to shopping and expressways. Call for appointment. Security deposit required. No pets. Immediate occupancy available.
2 bedroom apartments, heat included, carport, central air, pool, laundry facilities, close to shopping and expressways. Call for appointment. Security deposit required. No pets. Immediate occupancy available.
2 bedroom apartments, heat included, carport, central air, pool, laundry facilities, close to shopping and expressways. Call for appointment. Security deposit required. No pets. Immediate occupancy available.
2 bedroom apartments, heat included, carport, central air, pool, laundry facilities, close to shopping and expressways. Call for appointment. Security deposit required. No pets. Immediate occupancy available.
2 bedroom apartments, heat included, carport, central air, pool, laundry facilities, close to shopping and expressways. Call for appointment. Security deposit required. No pets. Immediate occupancy available.
2 bedroom apartments, heat included, carport, central air, pool, laundry facilities, close to shopping and expressways. Call for appointment. Security deposit required. No pets. Immediate occupancy available.
2 bedroom apartments, heat included, carport, central air, pool, laundry facilities, close to shopping and expressways. Call for appointment. Security deposit required. No pets. Immediate occupancy available.
2 bedroom apartments, heat included, carport, central air, pool, laundry facilities, close to shopping and expressways. Call for appointment. Security deposit required. No pets. Immediate occupancy available.
2 bedroom apartments, heat included, carport, central air, pool, laundry facilities, close to shopping and expressways. Call for appointment. Security deposit required. No pets. Immediate occupancy available.
2 bedroom apartments, heat included, carport, central air, pool, laundry facilities, close to shopping and expressways. Call for appointment. Security deposit required. No pets. Immediate occupancy available.
2 bedroom apartments, heat included, carport, central air, pool, laundry facilities, close to shopping and expressways. Call for appointment. Security deposit required. No pets. Immediate occupancy available.
2 bedroom apartments, heat included, carport, central air, pool, laundry facilities, close to shopping and expressways. Call for appointment. Security deposit required. No pets. Immediate occupancy available.
2 bedroom apartments, heat included, carport, central air, pool, laundry facilities, close to shopping and expressways. Call for appointment. Security deposit required. No pets. Immediate occupancy available.
2 bedroom apartments, heat included, carport, central air, pool, laundry facilities, close to shopping and expressways. Call for appointment. Security deposit required. No pets. Immediate occupancy available.
2 bedroom apartments, heat included, carport, central air, pool, laundry facilities, close to shopping and expressways. Call for appointment. Security deposit required. No pets. Immediate occupancy available.
2 bedroom apartments, heat included, carport, central air, pool, laundry facilities, close to shopping and expressways. Call for appointment. Security deposit required. No pets. Immediate occupancy available.
2 bedroom apartments, heat included, carport, central air, pool, laundry facilities, close to shopping and expressways. Call for appointment. Security deposit required. No pets. Immediate occupancy available.
2 bedroom apartments, heat included, carport, central air, pool, laundry facilities, close to shopping and expressways. Call for appointment. Security deposit required. No pets. Immediate occupancy available.
2 bedroom apartments, heat included, carport, central air, pool, laundry facilities, close to shopping and expressways. Call for appointment. Security deposit required. No pets. Immediate occupancy available.
2 bedroom apartments, heat included, carport, central air, pool, laundry facilities, close to shopping and expressways. Call for appointment. Security deposit required. No pets. Immediate occupancy available.
2 bedroom apartments, heat included, carport, central air, pool, laundry facilities, close to shopping and expressways. Call for appointment. Security deposit required. No pets. Immediate occupancy available.
2 bedroom apartments, heat included, carport, central air, pool, laundry facilities, close to shopping and expressways. Call for appointment. Security deposit required. No pets. Immediate occupancy available.
2 bedroom apartments, heat included, carport, central air, pool, laundry facilities, close to shopping and expressways. Call for appointment. Security deposit required. No pets. Immediate occupancy available.
2 bedroom apartments, heat included, carport, central air, pool, laundry facilities, close to shopping and expressways. Call for appointment. Security deposit required. No pets. Immediate occupancy available.
2 bedroom apartments, heat included, carport, central air, pool, laundry facilities, close to shopping and expressways. Call for appointment. Security deposit required. No pets. Immediate occupancy available.
2 bedroom apartments, heat included, carport, central air, pool, laundry facilities, close to shopping and expressways. Call for appointment. Security deposit required. No pets. Immediate occupancy available.
2 bedroom apartments, heat included, carport, central air, pool, laundry facilities, close to shopping and expressways. Call for appointment. Security deposit required. No pets. Immediate occupancy available.
408 Duplexes For Rent
RICHTER & ASSOC.
2614
410 Flats
BERKLEY - 2 bedroom lower, dining room, kitchen with appliances, full basement, garage. $550.
2 bedroom apartments, heat included, carport, central air, pool, laundry facilities, close to shopping and expressways. Call for appointment. Security deposit required. No pets. Immediate occupancy available.
DEARBORN - Greenfield/Ford Rd. area, 2 bedroom upper, $400 plus security. Call evenings.
2 bedroom apartments, heat included, carport, central air, pool, laundry facilities, close to shopping and expressways. Call for appointment. Security deposit required. No pets. Immediate occupancy available.
GOODE
REAL ESTATE
412 Townhouses-Condos For Rent
AUBURN HILLS, SOUTHFIELD, FARMINGTON HILLS - 2 bedroom townhouse, 1½ baths, attached garage.
2 bedroom apartments, heat included, carport, central air, pool, laundry facilities, close to shopping and expressways. Call for appointment. Security deposit required. No pets. Immediate occupancy available.
KAPTAIN ENTERPRISES
The Townhouse Specialist
LUXURY TOWNHOUSE
LOVE CHILDREN & PETS
149 AMELIA
GET THE FAX
EARLY
MAX BROCK, INC.
626-4000
2 bedroom apartments, heat included, carport, central air, pool, laundry facilities, close to shopping and expressways. Call for appointment. Security deposit required. No pets. Immediate occupancy available.
2 bedroom apartments, heat included, carport, central air, pool, laundry facilities, close to shopping and expressways. Call for appointment. Security deposit required. No pets. Immediate occupancy available.
2 bedroom apartments, heat included, carport, central air, pool, laundry facilities, close to shopping and expressways. Call for appointment. Security deposit required. No pets. Immediate occupancy available.
2 bedroom apartments, heat included, carport, central air, pool, laundry facilities, close to shopping and expressways. Call for appointment. Security deposit required. No pets. Immediate occupancy available.
2 bedroom apartments, heat included, carport, central air, pool, laundry facilities, close to shopping and expressways. Call for appointment. Security deposit required. No pets. Immediate occupancy available.
2 bedroom apartments, heat included, carport, central air, pool, laundry facilities, close to shopping and expressways. Call for appointment. Security deposit required. No pets. Immediate occupancy available.
2 bedroom apartments, heat included, carport, central air, pool, laundry facilities, close to shopping and expressways. Call for appointment. Security deposit required. No pets. Immediate occupancy available.
2 bedroom apartments, heat included, carport, central air, pool, laundry facilities, close to shopping and expressways. Call for appointment. Security deposit required. No pets. Immediate occupancy available.
2 bedroom apartments, heat included, carport, central air, pool, laundry facilities, close to shopping and expressways. Call for appointment. Security deposit required. No pets. Immediate occupancy available.
2 bedroom apartments, heat included, carport, central air, pool, laundry facilities, close to shopping and expressways. Call for appointment. Security deposit required. No pets. Immediate occupancy available.
2 bedroom apartments, heat included, carport, central air, pool, laundry facilities, close to shopping and expressways. Call for appointment. Security deposit required. No pets. Immediate occupancy available.
2 bedroom apartments, heat included, carport, central air, pool, laundry facilities, close to shopping and expressways. Call for appointment. Security deposit required. No pets. Immediate occupancy available.
2 bedroom apartments, heat included, carport, central air, pool, laundry facilities, close to shopping and expressways. Call for appointment. Security deposit required. No pets. Immediate occupancy available.
2 bedroom apartments, heat included, carport, central air, pool, laundry facilities, close to shopping and expressways. Call for appointment. Security deposit required. No pets. Immediate occupancy available.
2 bedroom apartments, heat included, carport, central air, pool, laundry facilities, close to shopping and expressways. Call for appointment. Security deposit required. No pets. Immediate occupancy available.
2 bedroom apartments, heat included, carport, central air, pool, laundry facilities, close to shopping and expressways. Call for appointment. Security deposit required. No pets. Immediate occupancy available.
2 bedroom apartments, heat included, carport, central air, pool, laundry facilities, close to shopping and expressways. Call for appointment. Security deposit required. No pets. Immediate occupancy available.
2 bedroom apartments, heat included, carport, central air, pool, laundry facilities, close to shopping and expressways. Call for appointment. Security deposit required. No pets. Immediate occupancy available.
2 bedroom apartments, heat included, carport, central air, pool, laundry facilities, close to shopping and expressways. Call for appointment. Security deposit required. No pets. Immediate occupancy available.
2 bedroom apartments, heat included, carport, central air, pool, laundry facilities, close to shopping and expressways. Call for appointment. Security deposit required. No pets. Immediate occupancy available.
2 bedroom apartments, heat included, carport, central air, pool, laundry facilities, close to shopping and expressways. Call for appointment. Security deposit required. No pets. Immediate occupancy available.
2 bedroom apartments, heat included, carport, central air, pool, laundry facilities, close to shopping and expressways. Call for appointment. Security deposit required. No pets. Immediate occupancy available.
2 bedroom apartments, heat included, carport, central air, pool, laundry facilities, close to shopping and expressways. Call for appointment. Security deposit required. No pets. Immediate occupancy available.
2 bedroom apartments, heat included, carport, central air, pool, laundry facilities, close to shopping and expressways. Call for appointment. Security deposit required. No pets. Immediate occupancy available.
2 bedroom apartments, heat included, carport, central air, pool, laundry facilities, close to shopping and expressways. Call for appointment. Security deposit required. No pets. Immediate occupancy available.
2 bedroom apartments, heat included, carport, central air, pool, laundry facilities, close to shopping and expressways. Call for appointment. Security deposit required. No pets. Immediate occupancy available.
2 bedroom apartments, heat included, carport, central air, pool, laundry facilities, close to shopping and expressways. Call for appointment. Security deposit required. No pets. Immediate occupancy available.
2 bedroom apartments, heat included, carport, central air, pool, laundry facilities, close to shopping and expressways. Call for appointment. Security deposit required. No pets. Immediate occupancy available.
2 bedroom apartments, heat included, carport, central air, pool, laundry facilities, close to shopping and expressways. Call for appointment. Security deposit required. No pets. Immediate occupancy available.
2 bedroom apartments, heat included, carport, central air, pool, laundry facilities, close to shopping and expressways. Call for appointment. Security deposit required. No pets. Immediate occupancy available.
2 bedroom apartments, heat included, carport, central air, pool, laundry facilities, close to shopping and expressways. Call for appointment. Security deposit required. No pets. Immediate occupancy available.
2 bedroom apartments, heat included, carport, central air, pool, laundry facilities, close to shopping and expressways. Call for appointment. Security deposit required. No pets. Immediate occupancy available.
2 bedroom apartments, heat included, carport, central air, pool, laundry facilities, close to shopping and expressways. Call for appointment. Security deposit required. No pets. Immediate occupancy available.
2 bedroom apartments, heat included, carport, central air, pool, laundry facilities, close to shopping and expressways. Call for appointment. Security deposit required. No pets. Immediate occupancy available.
2 bedroom apartments, heat included, carport, central air, pool, laundry facilities, close to shopping and expressways. Call for appointment. Security deposit required. No pets. Immediate occupancy available.
2 bedroom apartments, heat included, carport, central air, pool, laundry facilities, close to shopping and expressways. Call for appointment. Security deposit required. No pets. Immediate occupancy available.
2 bedroom apartments, heat included, carport, central air, pool, laundry facilities, close to shopping and expressways. Call for appointment. Security deposit required. No pets. Immediate occupancy available.
2 bedroom apartments, heat included, carport, central air, pool, laundry facilities, close to shopping and expressways. Call for appointment. Security deposit required. No pets. Immediate occupancy available.
2 bedroom apartments, heat included, carport, central air, pool, laundry facilities, close to shopping and expressways. Call for appointment. Security deposit required. No pets. Immediate occupancy available.
2 bedroom apartments, heat included, carport, central air, pool, laundry facilities, close to shopping and expressways. Call for appointment. Security deposit required. No pets. Immediate occupancy available.
412 Townhouses-Condos For Rent
LUXURY TOWNHOUSE
LOVE CHILDREN & PETS
149 AMELIA
Villagewood Place
Townhomes In Novi
642-7500 347-1747
414 Southern Rentals
DISNEY/EPCOT - Universal Studios 15 miles away. Luxury 2 and 3 bedroom, 2 bath condo, pool, tennis.
2 bedroom apartments, heat included, carport, central air, pool, laundry facilities, close to shopping and expressways. Call for appointment. Security deposit required. No pets. Immediate occupancy available.
415 Vacation Rentals
ATTENTION!
All Summer Camps
50% OFF
Advertising Special!
Summer Camp
Directory
Please call:
Karen 953-2092
CHARLEVOIX
AND SURROUNDING AREA
GAYLORD
MICHAYWE'
VACATION RENTALS
1-800-322-6693
2 bedroom apartments, heat included, carport, central air, pool, laundry facilities, close to shopping and expressways. Call for appointment. Security deposit required. No pets. Immediate occupancy available.
2 bedroom apartments, heat included, carport, central air, pool, laundry facilities, close to shopping and expressways. Call for appointment. Security deposit required. No pets. Immediate occupancy available.
2 bedroom apartments, heat included, carport, central air, pool, laundry facilities, close to shopping and expressways. Call for appointment. Security deposit required. No pets. Immediate occupancy available.
2 bedroom apartments, heat included, carport, central air, pool, laundry facilities, close to shopping and expressways. Call for appointment. Security deposit required. No pets. Immediate occupancy available.
2 bedroom apartments, heat included, carport, central air, pool, laundry facilities, close to shopping and expressways. Call for appointment. Security deposit required. No pets. Immediate occupancy available.
2 bedroom apartments, heat included, carport, central air, pool, laundry facilities, close to shopping and expressways. Call for appointment. Security deposit required. No pets. Immediate occupancy available.
2 bedroom apartments, heat included, carport, central air, pool, laundry facilities, close to shopping and expressways. Call for appointment. Security deposit required. No pets. Immediate occupancy available.
2 bedroom apartments, heat included, carport, central air, pool, laundry facilities, close to shopping and expressways. Call for appointment. Security deposit required. No pets. Immediate occupancy available.
2 bedroom apartments, heat included, carport, central air, pool, laundry facilities, close to shopping and expressways. Call for appointment. Security deposit required. No pets. Immediate occupancy available.
2 bedroom apartments, heat included, carport, central air, pool, laundry facilities, close to shopping and expressways. Call for appointment. Security deposit required. No pets. Immediate occupancy available.
2 bedroom apartments, heat included, carport, central air, pool, laundry facilities, close to shopping and expressways. Call for appointment. Security deposit required. No pets. Immediate occupancy available.
2 bedroom apartments, heat included, carport, central air, pool, laundry facilities, close to shopping and expressways. Call for appointment. Security deposit required. No pets. Immediate occupancy available.
2 bedroom apartments, heat included, carport, central air, pool, laundry facilities, close to shopping and expressways. Call for appointment. Security deposit required. No pets. Immediate occupancy available.
2 bedroom apartments, heat included, carport, central air, pool, laundry facilities, close to shopping and expressways. Call for appointment. Security deposit required. No pets. Immediate occupancy available.
2 bedroom apartments, heat included, carport, central air, pool, laundry facilities, close to shopping and expressways. Call for appointment. Security deposit required. No pets. Immediate occupancy available.
2 bedroom apartments, heat included, carport, central air, pool, laundry facilities, close to shopping and expressways. Call for appointment. Security deposit required. No pets. Immediate occupancy available.
2 bedroom apartments, heat included, carport, central air, pool, laundry facilities, close to shopping and expressways. Call for appointment. Security deposit required. No pets. Immediate occupancy available.
2 bedroom apartments, heat included, carport, central air, pool, laundry facilities, close to shopping and expressways. Call for appointment. Security deposit required. No pets. Immediate occupancy available.
2 bedroom apartments, heat included, carport, central air, pool, laundry facilities, close to shopping and expressways. Call for appointment. Security deposit required. No pets. Immediate occupancy available.
2 bedroom apartments, heat included, carport, central air, pool, laundry facilities, close to shopping and expressways. Call for appointment. Security deposit required. No pets. Immediate occupancy available.
2 bedroom apartments, heat included, carport, central air, pool, laundry facilities, close to shopping and expressways. Call for appointment. Security deposit required. No pets. Immediate occupancy available.
2 bedroom apartments, heat included, carport, central air, pool, laundry facilities, close to shopping and expressways. Call for appointment. Security deposit required. No pets. Immediate occupancy available.
2 bedroom apartments, heat included, carport, central air, pool, laundry facilities, close to shopping and expressways. Call for appointment. Security deposit required. No pets. Immediate occupancy available.
2 bedroom apartments, heat included, carport, central air, pool, laundry facilities, close to shopping and expressways. Call for appointment. Security deposit required. No pets. Immediate occupancy available.
2 bedroom apartments, heat included, carport, central air, pool, laundry facilities, close to shopping and expressways. Call for appointment. Security deposit required. No pets. Immediate occupancy available.
2 bedroom apartments, heat included, carport, central air, pool, laundry facilities, close to shopping and expressways. Call for appointment. Security deposit required. No pets. Immediate occupancy available.
2 bedroom apartments, heat included, carport, central air, pool, laundry facilities, close to shopping and expressways. Call for appointment. Security deposit required. No pets. Immediate occupancy available.
2 bedroom apartments, heat included, carport, central air, pool, laundry facilities, close to shopping and expressways. Call for appointment. Security deposit required. No pets. Immediate occupancy available.
2 bedroom apartments, heat included, carport, central air, pool, laundry facilities, close to shopping and expressways. Call for appointment. Security deposit required. No pets. Immediate occupancy available.
2 bedroom apartments, heat included, carport, central air, pool, laundry facilities, close to shopping and expressways. Call for appointment. Security deposit required. No pets. Immediate occupancy available.
2 bedroom apartments, heat included, carport, central air, pool, laundry facilities, close to shopping and expressways. Call for appointment. Security deposit required. No pets. Immediate occupancy available.
2 bedroom apartments, heat included, carport, central air, pool, laundry facilities, close to shopping and expressways. Call for appointment. Security deposit required. No pets. Immediate occupancy available.
2 bedroom apartments, heat included, carport, central air, pool, laundry facilities, close to shopping and expressways. Call for appointment. Security deposit required. No pets. Immediate occupancy available.
2 bedroom apartments, heat included, carport, central air, pool, laundry facilities, close to shopping and expressways. Call for appointment. Security deposit required. No pets. Immediate occupancy available.
2 bedroom apartments, heat included, carport, central air, pool, laundry facilities, close to shopping and expressways. Call for appointment. Security deposit required. No pets. Immediate occupancy available.
2 bedroom apartments, heat included, carport, central air, pool, laundry facilities, close to shopping and expressways. Call for appointment. Security deposit required. No pets. Immediate occupancy available.
2 bedroom apartments, heat included, carport, central air, pool, laundry facilities, close to shopping and expressways. Call for appointment. Security deposit required. No pets. Immediate occupancy available.
2 bedroom apartments, heat included, carport, central air, pool, laundry facilities, close to shopping and expressways. Call for appointment. Security deposit required. No pets. Immediate occupancy available.
2 bedroom apartments, heat included, carport, central air, pool, laundry facilities, close to shopping and expressways. Call for appointment. Security deposit required. No pets. Immediate occupancy available.
2 bedroom apartments, heat included, carport, central air, pool, laundry facilities, close to shopping and expressways. Call for appointment. Security deposit required. No pets. Immediate occupancy available.
415 Vacation Rentals
CASEVILLE - Lakefront summer homes on sandy beach, sleeps 6, 140 per week.
2 bedroom apartments, heat included, carport, central air, pool, laundry facilities, close to shopping and expressways. Call for appointment. Security deposit required. No pets. Immediate occupancy available.
GLEN LAKE & LAKE MICHIGAN - Spring & Summer rentals available from $450 to $2275.
2 bedroom apartments, heat included, carport, central air, pool, laundry facilities, close to shopping and expressways. Call for appointment. Security deposit required. No pets. Immediate occupancy available.
GOLFERS GET AWAY
Torch Lake
Grand Traverse Bay
Waterfront
Summer Property Rentals
REAL ESTATE ONE
BELLAIRE
1-800-968-0527
TRAVERSE CITY - Luxury 1 & 2 bedroom condos on Grand Traverse Bay. Sandy beach, pool. Weekly rates.
2 bedroom apartments, heat included, carport, central air, pool, laundry facilities, close to shopping and expressways. Call for appointment. Security deposit required. No pets. Immediate occupancy available.
420 Rooms For Rent
BIRMINGHAM - Large room, walk to town, private bath. Kitchen privileges.
2 bedroom apartments, heat included, carport, central air, pool, laundry facilities, close to shopping and expressways. Call for appointment. Security deposit required. No pets. Immediate occupancy available.
LIVONIA STUDIO APARTMENTS - Furnished sleeping rooms, cable TV, weekly rates.
2 bedroom apartments, heat included, carport, central air, pool, laundry facilities, close to shopping and expressways. Call for appointment. Security deposit required. No pets. Immediate occupancy available.
2 bedroom apartments, heat included, carport, central air, pool, laundry facilities, close to shopping and expressways. Call for appointment. Security deposit required. No pets. Immediate occupancy available.
2 bedroom apartments, heat included, carport, central air, pool, laundry facilities, close to shopping and expressways. Call for appointment. Security deposit required. No pets. Immediate occupancy available.
2 bedroom apartments, heat included, carport, central air, pool, laundry facilities, close to shopping and expressways. Call for appointment. Security deposit required. No pets. Immediate occupancy available.
2 bedroom apartments, heat included, carport, central air, pool, laundry facilities, close to shopping and expressways. Call for appointment. Security deposit required. No pets. Immediate occupancy available.
2 bedroom apartments, heat included, carport, central air, pool, laundry facilities, close to shopping and expressways. Call for appointment. Security deposit required. No pets. Immediate occupancy available.
2 bedroom apartments, heat included, carport, central air, pool, laundry facilities, close to shopping and expressways. Call for appointment. Security deposit required. No pets. Immediate occupancy available.
2 bedroom apartments, heat included, carport, central air, pool, laundry facilities, close to shopping and expressways. Call for appointment. Security deposit required. No pets. Immediate occupancy available.
2 bedroom apartments, heat included, carport, central air, pool, laundry facilities, close to shopping and expressways. Call for appointment. Security deposit required. No pets. Immediate occupancy available.
2 bedroom apartments, heat included, carport, central air, pool, laundry facilities, close to shopping and expressways. Call for appointment. Security deposit required. No pets. Immediate occupancy available.
2 bedroom apartments, heat included, carport, central air, pool, laundry facilities, close to shopping and expressways. Call for appointment. Security deposit required. No pets. Immediate occupancy available.
2 bedroom apartments, heat included, carport, central air, pool, laundry facilities, close to shopping and expressways. Call for appointment. Security deposit required. No pets. Immediate occupancy available.
2 bedroom apartments, heat included, carport, central air, pool, laundry facilities, close to shopping and expressways. Call for appointment. Security deposit required. No pets. Immediate occupancy available.
2 bedroom apartments, heat included, carport, central air, pool, laundry facilities, close to shopping and expressways. Call for appointment. Security deposit required. No pets. Immediate occupancy available.
2 bedroom apartments, heat included, carport, central air, pool, laundry facilities, close to shopping and expressways. Call for appointment. Security deposit required. No pets. Immediate occupancy available.
2 bedroom apartments, heat included, carport, central air, pool, laundry facilities, close to shopping and expressways. Call for appointment. Security deposit required. No pets. Immediate occupancy available.
2 bedroom apartments, heat included, carport, central air, pool, laundry facilities, close to shopping and expressways. Call for appointment. Security deposit required. No pets. Immediate occupancy available.
2 bedroom apartments, heat included, carport, central air, pool, laundry facilities, close to shopping and expressways. Call for appointment. Security deposit required. No pets. Immediate occupancy available.
2 bedroom apartments, heat included, carport, central air, pool, laundry facilities, close to shopping and expressways. Call for appointment. Security deposit required. No pets. Immediate occupancy available.
2 bedroom apartments, heat included, carport, central air, pool, laundry facilities, close to shopping and expressways. Call for appointment. Security deposit required. No pets. Immediate occupancy available.
2 bedroom apartments, heat included, carport, central air, pool, laundry facilities, close to shopping and expressways. Call for appointment. Security deposit required. No pets. Immediate occupancy available.
2 bedroom apartments, heat included, carport, central air, pool, laundry facilities, close to shopping and expressways. Call for appointment. Security deposit required. No pets. Immediate occupancy available.
2 bedroom apartments, heat included, carport, central air, pool, laundry facilities, close to shopping and expressways. Call for appointment. Security deposit required. No pets. Immediate occupancy available.
2 bedroom apartments, heat included, carport, central air, pool, laundry facilities, close to shopping and expressways. Call for appointment. Security deposit required. No pets. Immediate occupancy available.
2 bedroom apartments, heat included, carport, central air, pool, laundry facilities, close to shopping and expressways. Call for appointment. Security deposit required. No pets. Immediate occupancy available.
2 bedroom apartments, heat included, carport, central air, pool, laundry facilities, close to shopping and expressways. Call for appointment. Security deposit required. No pets. Immediate occupancy available.
2 bedroom apartments, heat included, carport, central air, pool, laundry facilities, close to shopping and expressways. Call for appointment. Security deposit required. No pets. Immediate occupancy available.
2 bedroom apartments, heat included, carport, central air, pool, laundry facilities, close to shopping and expressways. Call for appointment. Security deposit required. No pets. Immediate occupancy available.
2 bedroom apartments, heat included, carport, central air, pool, laundry facilities, close to shopping and expressways. Call for appointment. Security deposit required. No pets. Immediate occupancy available.
2 bedroom apartments, heat included, carport, central air, pool, laundry facilities, close to shopping and expressways. Call for appointment. Security deposit required. No pets. Immediate occupancy available.
2 bedroom apartments, heat included, carport, central air, pool, laundry facilities, close to shopping and expressways. Call for appointment. Security deposit required. No pets. Immediate occupancy available.
2 bedroom apartments, heat included, carport, central air, pool, laundry facilities, close to shopping and expressways. Call for appointment. Security deposit required. No pets. Immediate occupancy available.
2 bedroom apartments, heat included, carport, central air, pool, laundry facilities, close to shopping and expressways. Call for appointment. Security deposit required. No pets. Immediate occupancy available.
2 bedroom apartments, heat included, carport, central air, pool, laundry facilities, close to shopping and expressways. Call for appointment. Security deposit required. No pets. Immediate occupancy available.
2 bedroom apartments, heat included, carport, central air, pool, laundry facilities, close to shopping and expressways. Call for appointment. Security deposit required. No pets. Immediate occupancy available.
2 bedroom apartments, heat included, carport, central air, pool, laundry facilities, close to shopping and expressways. Call for appointment. Security deposit required. No pets. Immediate occupancy available.
2 bedroom apartments, heat included, carport, central air, pool, laundry facilities, close to shopping and expressways. Call for appointment. Security deposit required. No pets. Immediate occupancy available.
2 bedroom apartments, heat included, carport, central air, pool, laundry facilities, close to shopping and expressways. Call for appointment. Security deposit required. No pets. Immediate occupancy available.
2 bedroom apartments, heat included, carport, central air, pool, laundry facilities, close to shopping and expressways. Call for appointment. Security deposit required. No pets. Immediate occupancy available.
2 bedroom apartments, heat included, carport, central air, pool, laundry facilities, close to shopping and expressways. Call for appointment. Security deposit required. No pets. Immediate occupancy available.
2 bedroom apartments, heat included, carport, central air, pool, laundry facilities, close to shopping and expressways. Call for appointment. Security deposit required. No pets. Immediate occupancy available.
